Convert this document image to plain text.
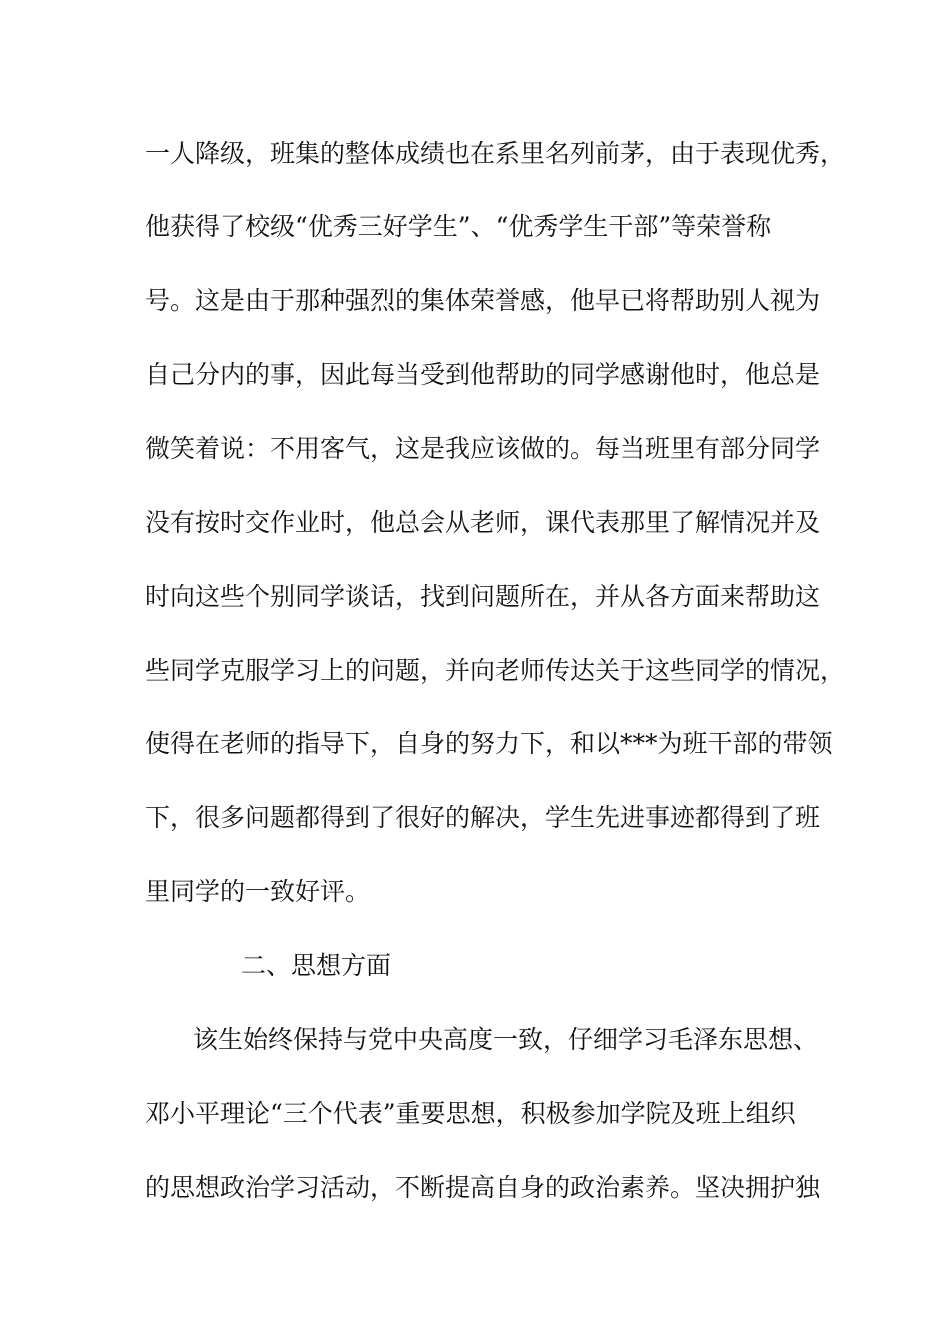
一人降级，班集的整体成绩也在系里名列前茅，由于表现优秀，
他获得了校级“优秀三好学生”、“优秀学生干部”等荣誉称
号。这是由于那种强烈的集体荣誉感，他早已将帮助别人视为
自己分内的事，因此每当受到他帮助的同学感谢他时，他总是
微笑着说：不用客气，这是我应该做的。每当班里有部分同学
没有按时交作业时，他总会从老师，课代表那里了解情况并及
时向这些个别同学谈话，找到问题所在，并从各方面来帮助这
些同学克服学习上的问题，并向老师传达关于这些同学的情况，
使得在老师的指导下，自身的努力下，和以***为班干部的带领
下，很多问题都得到了很好的解决，学生先进事迹都得到了班
里同学的一致好评。
二、思想方面
该生始终保持与党中央高度一致，仔细学习毛泽东思想、
邓小平理论“三个代表”重要思想，积极参加学院及班上组织
的思想政治学习活动，不断提高自身的政治素养。坚决拥护独
